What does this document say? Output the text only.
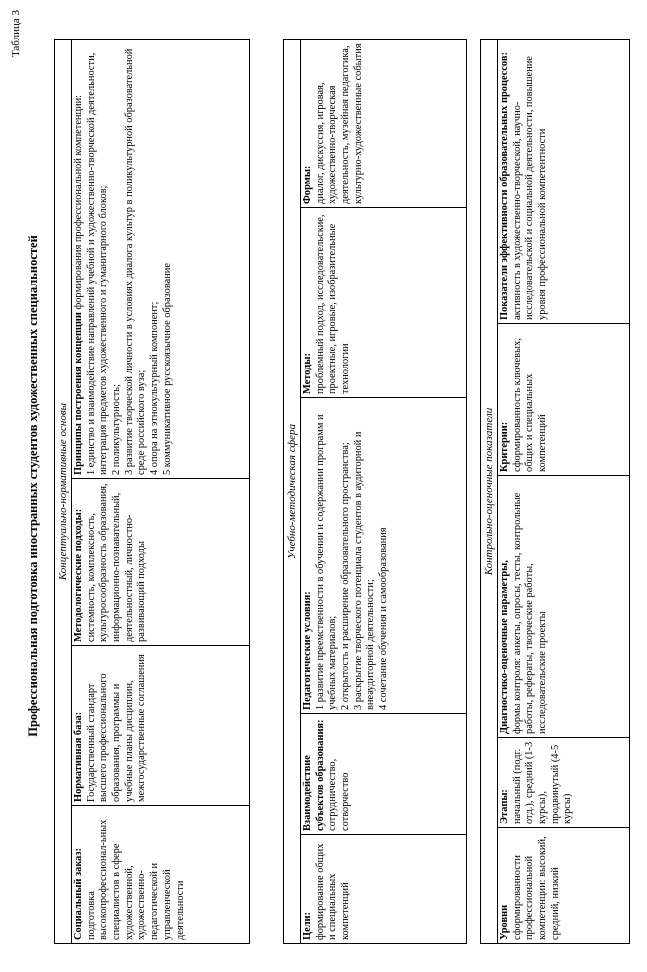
Таблица 3
Профессиональная подготовка иностранных студентов художественных специальностей Концептуально-нормативные основы
Социальный заказ: подготовка высокопрофессионал-ьных специалистов в сфере художественной, художественно-педагогической и управленческой деятельности
Нормативная база: Государственный стандарт высшего профессионального образования, программы и учебные планы дисциплин, межгосударственные соглашения
Методологические подходы: системность, комплексность, культуросообразность образования, информационно-познавательный, деятельностный, личностно-развивающий подходы
Принципы построения концепции формирования профессиональной компетенции: 1 единство и взаимодействие направлений учебной и художественно-творческой деятельности, интеграция предметов художественного и гуманитарного блоков; 2 поликультурность; 3 развитие творческой личности в условиях диалога культур в поликультурной образовательной среде российского вуза; 4 опора на этнокультурный компонент; 5 коммуникативное русскоязычное образование
Учебно-методическая сфера
Цели: формирование общих и специальных компетенций
Взаимодействие субъектов образования: сотрудничество, сотворчество
Педагогические условия: 1 развитие преемственности в обучении и содержании программ и учебных материалов; 2 открытость и расширение образовательного пространства; 3 раскрытие творческого потенциала студентов в аудиторной и внеаудиторной деятельности; 4 сочетание обучения и самообразования
Методы: проблемный подход, исследовательские, проектные, игровые, изобразительные технологии
Формы: диалог, дискуссия, игровая, художественно-творческая деятельность, музейная педагогика, культурно-художественные события
Контрольно-оценочные показатели
Уровни сформированности профессиональной компетенции: высокий, средний, низкий
Этапы: начальный (подг. отд.), средний (1-3 курсы), продвинутый (4-5 курсы)
Диагностико-оценочные параметры, формы контроля: анкеты, опросы, тесты, контрольные работы, рефераты, творческие работы, исследовательские проекты
Критерии: сформированность ключевых, общих и специальных компетенций
Показатели эффективности образовательных процессов: активность в художественно-творческой, научно-исследовательской и социальной деятельности, повышение уровня профессиональной компетентности
